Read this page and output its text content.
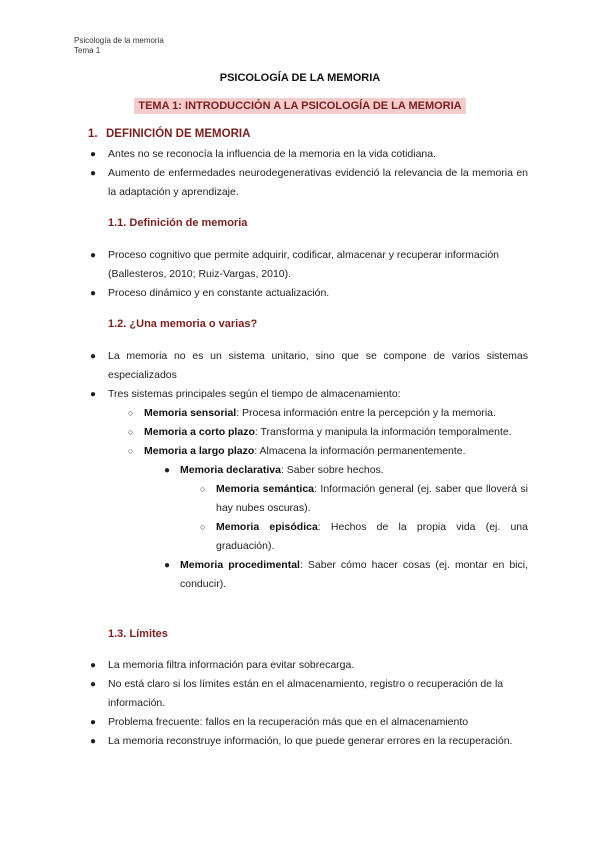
Psicología de la memoria
Tema 1
PSICOLOGÍA DE LA MEMORIA
TEMA 1: INTRODUCCIÓN A LA PSICOLOGÍA DE LA MEMORIA
1. DEFINICIÓN DE MEMORIA
● Antes no se reconocía la influencia de la memoria en la vida cotidiana.
● Aumento de enfermedades neurodegenerativas evidenció la relevancia de la memoria en la adaptación y aprendizaje.
1.1. Definición de memoria
● Proceso cognitivo que permite adquirir, codificar, almacenar y recuperar información (Ballesteros, 2010; Ruiz-Vargas, 2010).
● Proceso dinámico y en constante actualización.
1.2. ¿Una memoria o varias?
● La memoria no es un sistema unitario, sino que se compone de varios sistemas especializados
● Tres sistemas principales según el tiempo de almacenamiento:
○ Memoria sensorial: Procesa información entre la percepción y la memoria.
○ Memoria a corto plazo: Transforma y manipula la información temporalmente.
○ Memoria a largo plazo: Almacena la información permanentemente.
● Memoria declarativa: Saber sobre hechos.
○ Memoria semántica: Información general (ej. saber que lloverá si hay nubes oscuras).
○ Memoria episódica: Hechos de la propia vida (ej. una graduación).
● Memoria procedimental: Saber cómo hacer cosas (ej. montar en bici, conducir).
1.3. Límites
● La memoria filtra información para evitar sobrecarga.
● No está claro si los límites están en el almacenamiento, registro o recuperación de la información.
● Problema frecuente: fallos en la recuperación más que en el almacenamiento
● La memoria reconstruye información, lo que puede generar errores en la recuperación.
